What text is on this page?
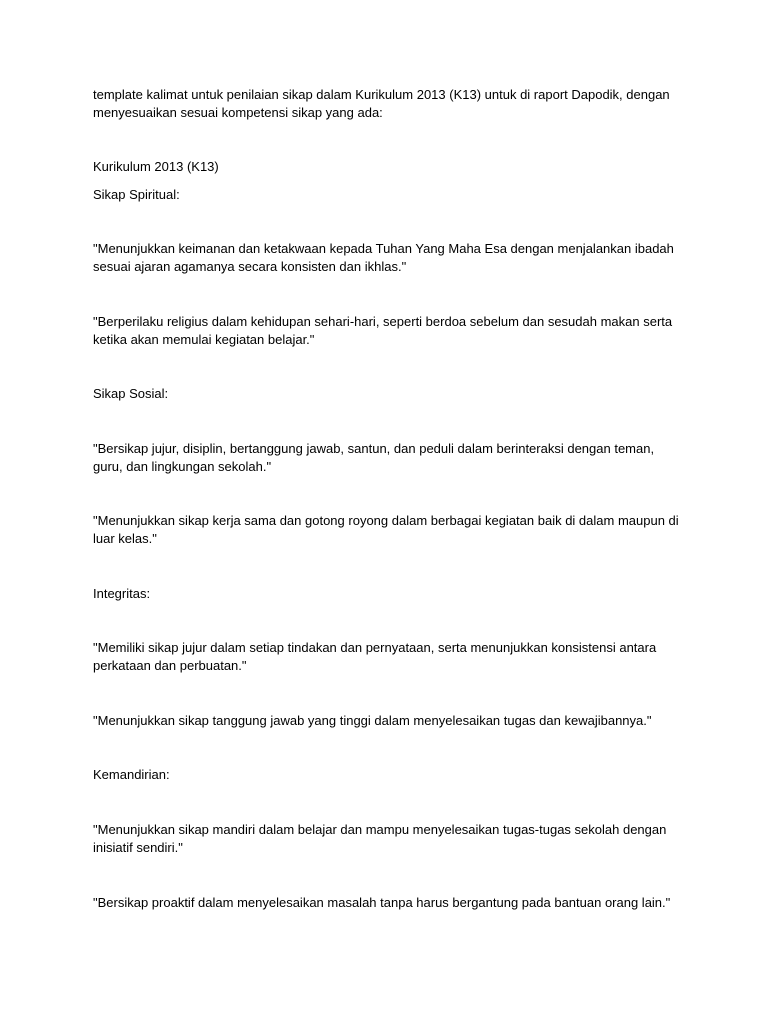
template kalimat untuk penilaian sikap dalam Kurikulum 2013 (K13) untuk di raport Dapodik, dengan menyesuaikan sesuai kompetensi sikap yang ada:

Kurikulum 2013 (K13)

Sikap Spiritual:

"Menunjukkan keimanan dan ketakwaan kepada Tuhan Yang Maha Esa dengan menjalankan ibadah sesuai ajaran agamanya secara konsisten dan ikhlas."

"Berperilaku religius dalam kehidupan sehari-hari, seperti berdoa sebelum dan sesudah makan serta ketika akan memulai kegiatan belajar."

Sikap Sosial:

"Bersikap jujur, disiplin, bertanggung jawab, santun, dan peduli dalam berinteraksi dengan teman, guru, dan lingkungan sekolah."

"Menunjukkan sikap kerja sama dan gotong royong dalam berbagai kegiatan baik di dalam maupun di luar kelas."

Integritas:

"Memiliki sikap jujur dalam setiap tindakan dan pernyataan, serta menunjukkan konsistensi antara perkataan dan perbuatan."

"Menunjukkan sikap tanggung jawab yang tinggi dalam menyelesaikan tugas dan kewajibannya."

Kemandirian:

"Menunjukkan sikap mandiri dalam belajar dan mampu menyelesaikan tugas-tugas sekolah dengan inisiatif sendiri."

"Bersikap proaktif dalam menyelesaikan masalah tanpa harus bergantung pada bantuan orang lain."
